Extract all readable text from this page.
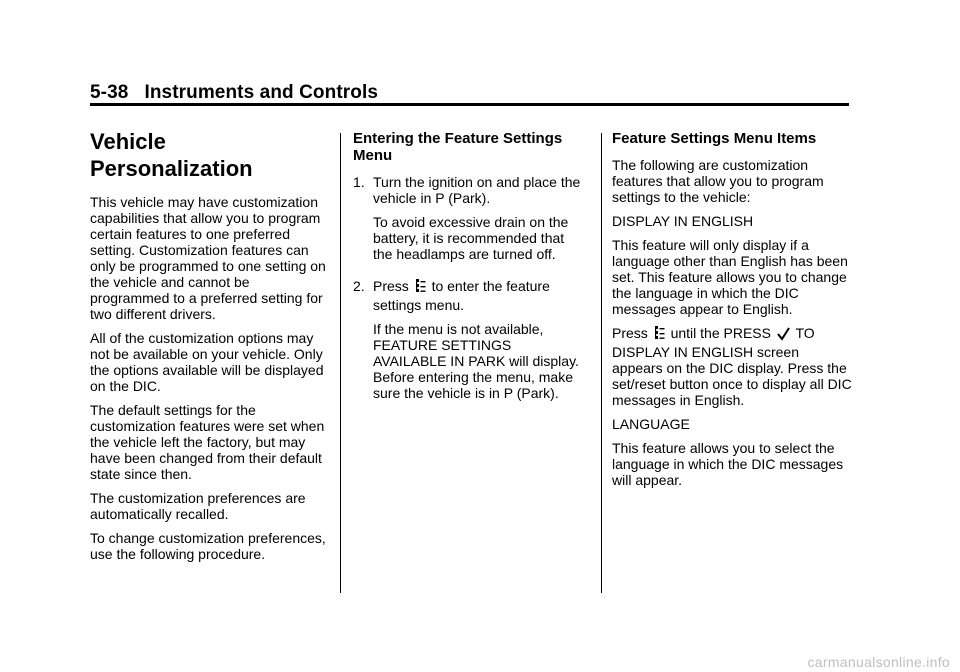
5-38 Instruments and Controls
Vehicle
Personalization

This vehicle may have customization capabilities that allow you to program certain features to one preferred setting. Customization features can only be programmed to one setting on the vehicle and cannot be programmed to a preferred setting for two different drivers.

All of the customization options may not be available on your vehicle. Only the options available will be displayed on the DIC.

The default settings for the customization features were set when the vehicle left the factory, but may have been changed from their default state since then.

The customization preferences are automatically recalled.

To change customization preferences, use the following procedure.

Entering the Feature Settings Menu
1. Turn the ignition on and place the vehicle in P (Park).

To avoid excessive drain on the battery, it is recommended that the headlamps are turned off.

2. Press to enter the feature settings menu.

If the menu is not available, FEATURE SETTINGS AVAILABLE IN PARK will display. Before entering the menu, make sure the vehicle is in P (Park).

Feature Settings Menu Items

The following are customization features that allow you to program settings to the vehicle:

DISPLAY IN ENGLISH

This feature will only display if a language other than English has been set. This feature allows you to change the language in which the DIC messages appear to English.

Press until the PRESS TO DISPLAY IN ENGLISH screen appears on the DIC display. Press the set/reset button once to display all DIC messages in English.

LANGUAGE

This feature allows you to select the language in which the DIC messages will appear.

carmanualsonline.info
